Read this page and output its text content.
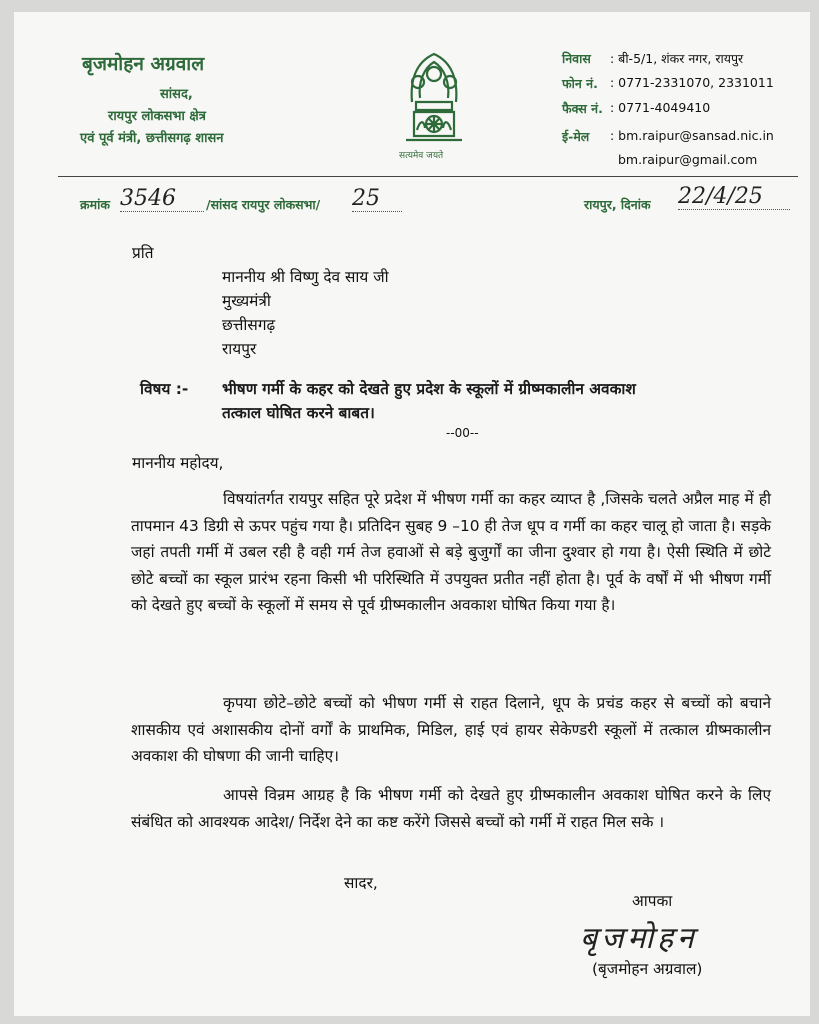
बृजमोहन अग्रवाल
सांसद,
रायपुर लोकसभा क्षेत्र
एवं पूर्व मंत्री, छत्तीसगढ़ शासन
सत्यमेव जयते
निवास : बी-5/1, शंकर नगर, रायपुर
फोन नं. : 0771-2331070, 2331011
फैक्स नं. : 0771-4049410
ई-मेल : bm.raipur@sansad.nic.in
bm.raipur@gmail.com
क्रमांक 3546	/सांसद रायपुर लोकसभा/ 25	रायपुर, दिनांक 22/4/25
प्रति
माननीय श्री विष्णु देव साय जी
मुख्यमंत्री
छत्तीसगढ़
रायपुर
विषय :- भीषण गर्मी के कहर को देखते हुए प्रदेश के स्कूलों में ग्रीष्मकालीन अवकाश
तत्काल घोषित करने बाबत।
--00--
माननीय महोदय,
विषयांतर्गत रायपुर सहित पूरे प्रदेश में भीषण गर्मी का कहर व्याप्त है ,जिसके चलते अप्रैल माह में ही तापमान 43 डिग्री से ऊपर पहुंच गया है। प्रतिदिन सुबह 9 –10 ही तेज धूप व गर्मी का कहर चालू हो जाता है। सड़के जहां तपती गर्मी में उबल रही है वही गर्म तेज हवाओं से बड़े बुजुर्गों का जीना दुश्वार हो गया है। ऐसी स्थिति में छोटे छोटे बच्चों का स्कूल प्रारंभ रहना किसी भी परिस्थिति में उपयुक्त प्रतीत नहीं होता है। पूर्व के वर्षों में भी भीषण गर्मी को देखते हुए बच्चों के स्कूलों में समय से पूर्व ग्रीष्मकालीन अवकाश घोषित किया गया है।
कृपया छोटे–छोटे बच्चों को भीषण गर्मी से राहत दिलाने, धूप के प्रचंड कहर से बच्चों को बचाने शासकीय एवं अशासकीय दोनों वर्गों के प्राथमिक, मिडिल, हाई एवं हायर सेकेण्डरी स्कूलों में तत्काल ग्रीष्मकालीन अवकाश की घोषणा की जानी चाहिए।
आपसे विन्रम आग्रह है कि भीषण गर्मी को देखते हुए ग्रीष्मकालीन अवकाश घोषित करने के लिए संबंधित को आवश्यक आदेश/ निर्देश देने का कष्ट करेंगे जिससे बच्चों को गर्मी में राहत मिल सके ।
सादर,
आपका
बृजमोहन
(बृजमोहन अग्रवाल)
